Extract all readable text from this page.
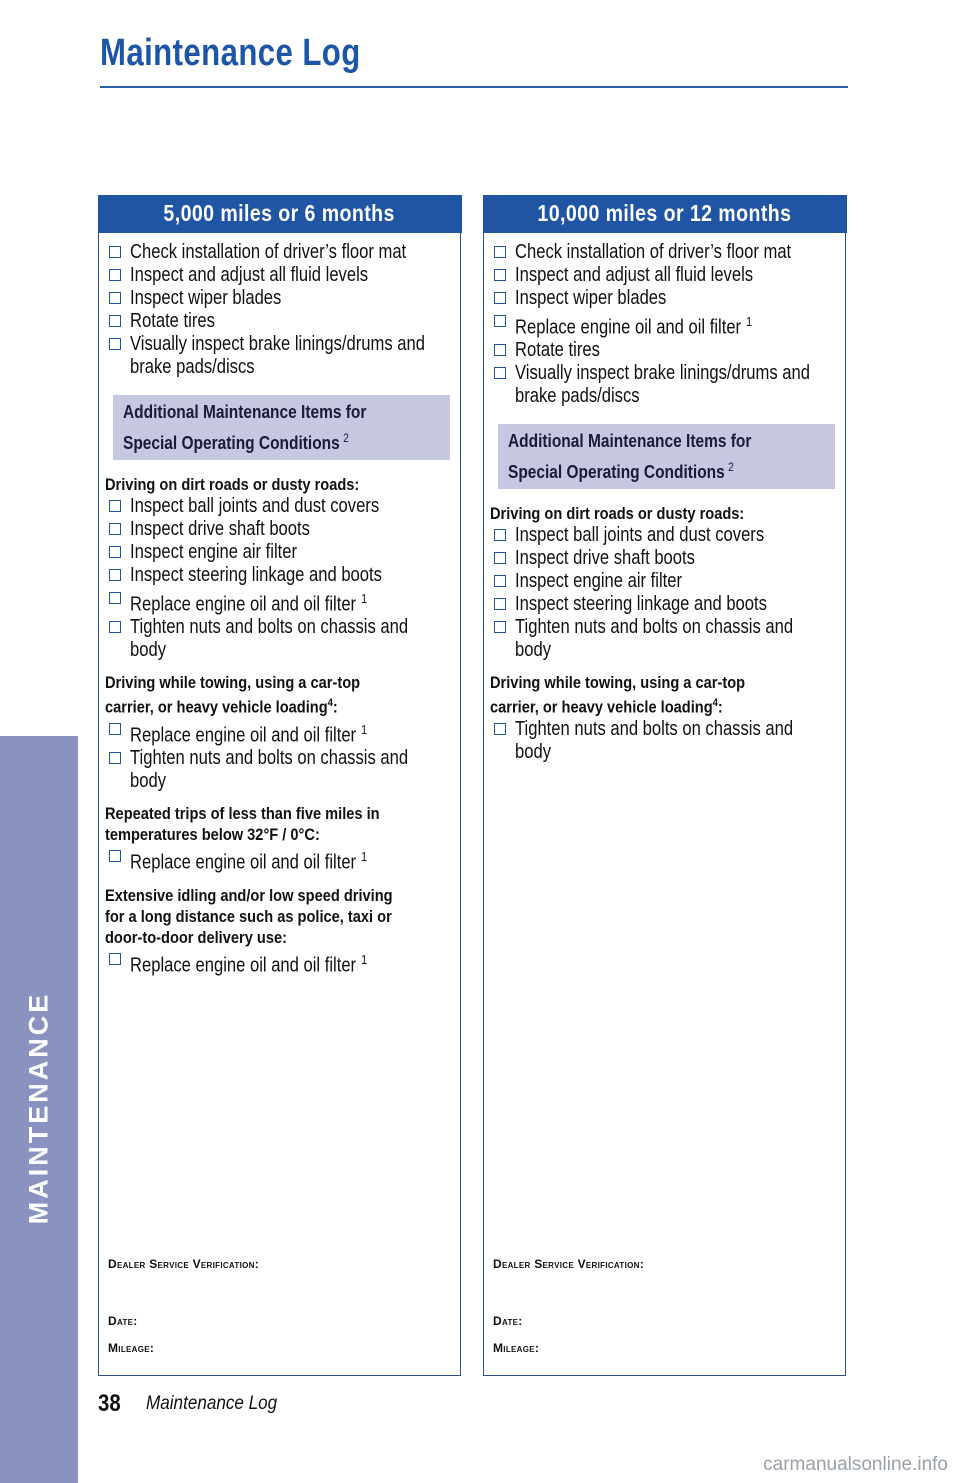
Maintenance Log
MAINTENANCE
5,000 miles or 6 months
Check installation of driver’s floor mat
Inspect and adjust all fluid levels
Inspect wiper blades
Rotate tires
Visually inspect brake linings/drums and
brake pads/discs
Additional Maintenance Items for
Special Operating Conditions $^2$
Driving on dirt roads or dusty roads:
Inspect ball joints and dust covers
Inspect drive shaft boots
Inspect engine air filter
Inspect steering linkage and boots
Replace engine oil and oil filter $^1$
Tighten nuts and bolts on chassis and
body
Driving while towing, using a car-top
carrier, or heavy vehicle loading$^4$:
Replace engine oil and oil filter $^1$
Tighten nuts and bolts on chassis and
body
Repeated trips of less than five miles in
temperatures below 32°F / 0°C:
Replace engine oil and oil filter $^1$
Extensive idling and/or low speed driving
for a long distance such as police, taxi or
door-to-door delivery use:
Replace engine oil and oil filter $^1$
Dealer Service Verification:
Date:
Mileage:
10,000 miles or 12 months
Check installation of driver’s floor mat
Inspect and adjust all fluid levels
Inspect wiper blades
Replace engine oil and oil filter $^1$
Rotate tires
Visually inspect brake linings/drums and
brake pads/discs
Additional Maintenance Items for
Special Operating Conditions $^2$
Driving on dirt roads or dusty roads:
Inspect ball joints and dust covers
Inspect drive shaft boots
Inspect engine air filter
Inspect steering linkage and boots
Tighten nuts and bolts on chassis and
body
Driving while towing, using a car-top
carrier, or heavy vehicle loading$^4$:
Tighten nuts and bolts on chassis and
body
Dealer Service Verification:
Date:
Mileage:
38 Maintenance Log
carmanualsonline.info
